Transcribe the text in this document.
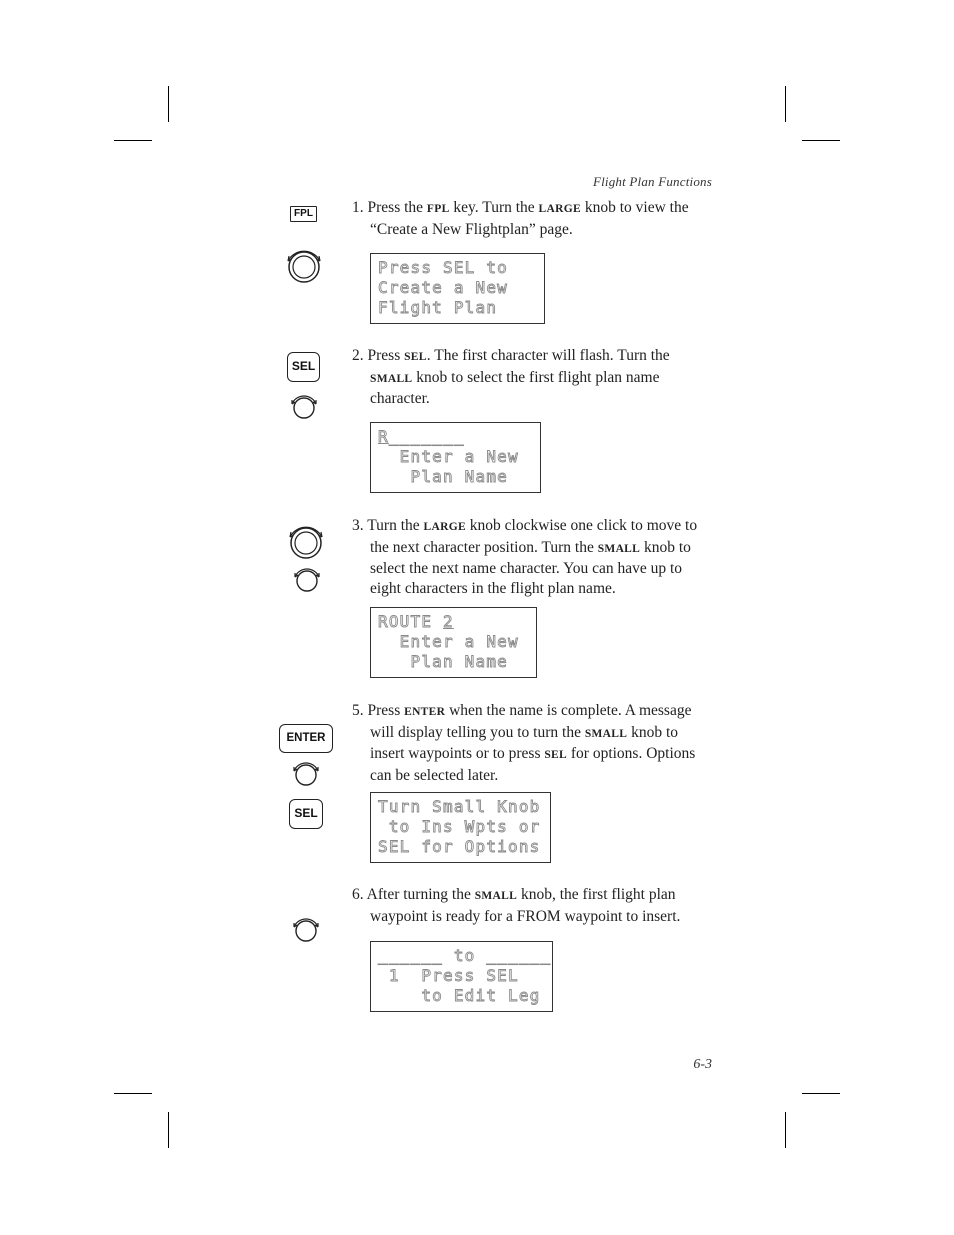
Flight Plan Functions
FPL	1. Press the FPL key. Turn the LARGE knob to view the “Create a New Flightplan” page.

Press SEL to
Create a New
Flight Plan
SEL

2. Press SEL. The first character will flash. Turn the SMALL knob to select the first flight plan name character.

R_______
Enter a New
Plan Name

3. Turn the LARGE knob clockwise one click to move to the next character position. Turn the SMALL knob to select the next name character. You can have up to eight characters in the flight plan name.

ROUTE 2
Enter a New
Plan Name
ENTER
SEL

5. Press ENTER when the name is complete. A message will display telling you to turn the SMALL knob to insert waypoints or to press SEL for options. Options can be selected later.

Turn Small Knob
to Ins Wpts or
SEL for Options

6. After turning the SMALL knob, the first flight plan waypoint is ready for a FROM waypoint to insert.

______ to ______
1  Press SEL
to Edit Leg
6-3
